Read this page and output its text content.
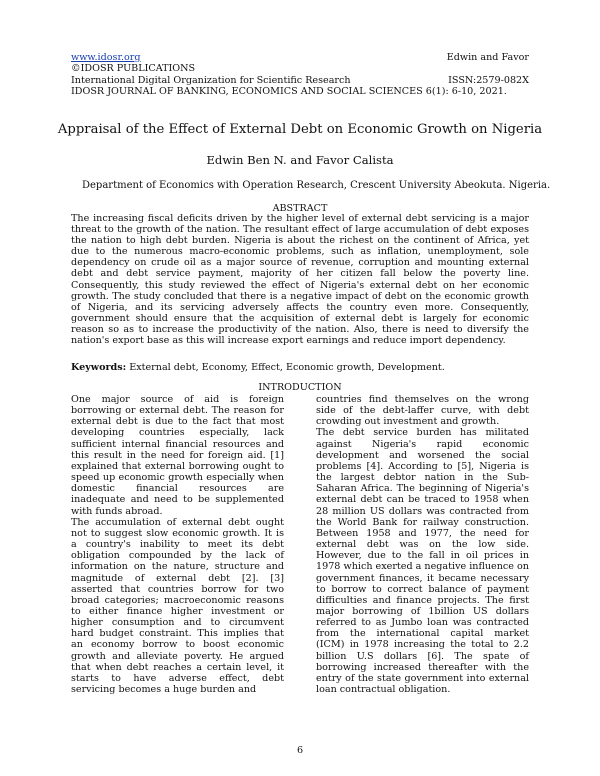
www.idosr.org	Edwin and Favor
©IDOSR PUBLICATIONS
International Digital Organization for Scientific Research	ISSN:2579-082X
IDOSR JOURNAL OF BANKING, ECONOMICS AND SOCIAL SCIENCES 6(1): 6-10, 2021.
Appraisal of the Effect of External Debt on Economic Growth on Nigeria
Edwin Ben N. and Favor Calista
Department of Economics with Operation Research, Crescent University Abeokuta. Nigeria.
ABSTRACT
The increasing fiscal deficits driven by the higher level of external debt servicing is a major threat to the growth of the nation. The resultant effect of large accumulation of debt exposes the nation to high debt burden. Nigeria is about the richest on the continent of Africa, yet due to the numerous macro-economic problems, such as inflation, unemployment, sole dependency on crude oil as a major source of revenue, corruption and mounting external debt and debt service payment, majority of her citizen fall below the poverty line. Consequently, this study reviewed the effect of Nigeria's external debt on her economic growth. The study concluded that there is a negative impact of debt on the economic growth of Nigeria, and its servicing adversely affects the country even more. Consequently, government should ensure that the acquisition of external debt is largely for economic reason so as to increase the productivity of the nation. Also, there is need to diversify the nation's export base as this will increase export earnings and reduce import dependency.
Keywords: External debt, Economy, Effect, Economic growth, Development.
INTRODUCTION

One major source of aid is foreign borrowing or external debt. The reason for external debt is due to the fact that most developing countries especially, lack sufficient internal financial resources and this result in the need for foreign aid. [1] explained that external borrowing ought to speed up economic growth especially when domestic financial resources are inadequate and need to be supplemented with funds abroad.

The accumulation of external debt ought not to suggest slow economic growth. It is a country's inability to meet its debt obligation compounded by the lack of information on the nature, structure and magnitude of external debt [2]. [3] asserted that countries borrow for two broad categories; macroeconomic reasons to either finance higher investment or higher consumption and to circumvent hard budget constraint. This implies that an economy borrow to boost economic growth and alleviate poverty. He argued that when debt reaches a certain level, it starts to have adverse effect, debt servicing becomes a huge burden and

countries find themselves on the wrong side of the debt-laffer curve, with debt crowding out investment and growth.

The debt service burden has militated against Nigeria's rapid economic development and worsened the social problems [4]. According to [5], Nigeria is the largest debtor nation in the Sub-Saharan Africa. The beginning of Nigeria's external debt can be traced to 1958 when 28 million US dollars was contracted from the World Bank for railway construction. Between 1958 and 1977, the need for external debt was on the low side. However, due to the fall in oil prices in 1978 which exerted a negative influence on government finances, it became necessary to borrow to correct balance of payment difficulties and finance projects. The first major borrowing of 1billion US dollars referred to as Jumbo loan was contracted from the international capital market (ICM) in 1978 increasing the total to 2.2 billion U.S dollars [6]. The spate of borrowing increased thereafter with the entry of the state government into external loan contractual obligation.

6
